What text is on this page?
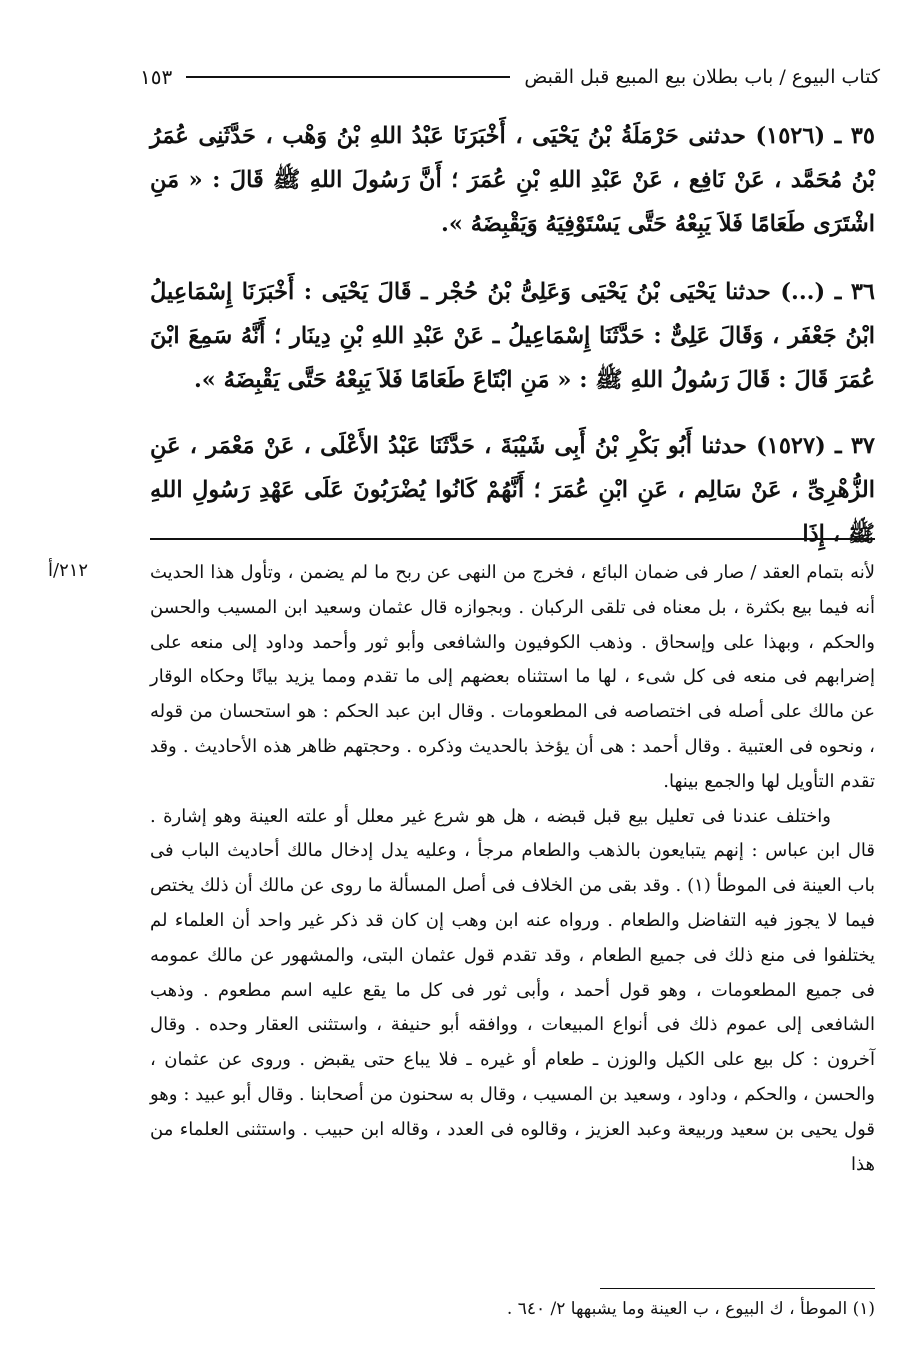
كتاب البيوع / باب بطلان بيع المبيع قبل القبض
١٥٣
٣٥ ـ (١٥٢٦) حدثنى حَرْمَلَةُ بْنُ يَحْيَى ، أَخْبَرَنَا عَبْدُ اللهِ بْنُ وَهْب ، حَدَّثَنِى عُمَرُ بْنُ مُحَمَّد ، عَنْ نَافِع ، عَنْ عَبْدِ اللهِ بْنِ عُمَرَ ؛ أَنَّ رَسُولَ اللهِ ﷺ قَالَ : « مَنِ اشْتَرَى طَعَامًا فَلاَ يَبِعْهُ حَتَّى يَسْتَوْفِيَهُ وَيَقْبِضَهُ ».
٣٦ ـ (...) حدثنا يَحْيَى بْنُ يَحْيَى وَعَلِىُّ بْنُ حُجْر ـ قَالَ يَحْيَى : أَخْبَرَنَا إِسْمَاعِيلُ ابْنُ جَعْفَر ، وَقَالَ عَلِىٌّ : حَدَّثَنَا إِسْمَاعِيلُ ـ عَنْ عَبْدِ اللهِ بْنِ دِينَار ؛ أَنَّهُ سَمِعَ ابْنَ عُمَرَ قَالَ : قَالَ رَسُولُ اللهِ ﷺ : « مَنِ ابْتَاعَ طَعَامًا فَلاَ يَبِعْهُ حَتَّى يَقْبِضَهُ ».
٣٧ ـ (١٥٢٧) حدثنا أَبُو بَكْرِ بْنُ أَبِى شَيْبَةَ ، حَدَّثَنَا عَبْدُ الأَعْلَى ، عَنْ مَعْمَر ، عَنِ الزُّهْرِىِّ ، عَنْ سَالِم ، عَنِ ابْنِ عُمَرَ ؛ أَنَّهُمْ كَانُوا يُضْرَبُونَ عَلَى عَهْدِ رَسُولِ اللهِ ﷺ ، إِذَا
٢١٢/أ	لأنه بتمام العقد / صار فى ضمان البائع ، فخرج من النهى عن ربح ما لم يضمن ، وتأول هذا الحديث أنه فيما بيع بكثرة ، بل معناه فى تلقى الركبان . وبجوازه قال عثمان وسعيد ابن المسيب والحسن والحكم ، وبهذا على وإسحاق . وذهب الكوفيون والشافعى وأبو ثور وأحمد وداود إلى منعه على إضرابهم فى منعه فى كل شىء ، لها ما استثناه بعضهم إلى ما تقدم ومما يزيد بيانًا وحكاه الوقار عن مالك على أصله فى اختصاصه فى المطعومات . وقال ابن عبد الحكم : هو استحسان من قوله ، ونحوه فى العتبية . وقال أحمد : هى أن يؤخذ بالحديث وذكره . وحجتهم ظاهر هذه الأحاديث . وقد تقدم التأويل لها والجمع بينها.

واختلف عندنا فى تعليل بيع قبل قبضه ، هل هو شرع غير معلل أو علته العينة وهو إشارة . قال ابن عباس : إنهم يتبايعون بالذهب والطعام مرجأ ، وعليه يدل إدخال مالك أحاديث الباب فى باب العينة فى الموطأ (١) . وقد بقى من الخلاف فى أصل المسألة ما روى عن مالك أن ذلك يختص فيما لا يجوز فيه التفاضل والطعام . ورواه عنه ابن وهب إن كان قد ذكر غير واحد أن العلماء لم يختلفوا فى منع ذلك فى جميع الطعام ، وقد تقدم قول عثمان البتى، والمشهور عن مالك عمومه فى جميع المطعومات ، وهو قول أحمد ، وأبى ثور فى كل ما يقع عليه اسم مطعوم . وذهب الشافعى إلى عموم ذلك فى أنواع المبيعات ، ووافقه أبو حنيفة ، واستثنى العقار وحده . وقال آخرون : كل بيع على الكيل والوزن ـ طعام أو غيره ـ فلا يباع حتى يقبض . وروى عن عثمان ، والحسن ، والحكم ، وداود ، وسعيد بن المسيب ، وقال به سحنون من أصحابنا . وقال أبو عبيد : وهو قول يحيى بن سعيد وربيعة وعبد العزيز ، وقالوه فى العدد ، وقاله ابن حبيب . واستثنى العلماء من هذا

(١) الموطأ ، ك البيوع ، ب العينة وما يشبهها ٢/ ٦٤٠ .
